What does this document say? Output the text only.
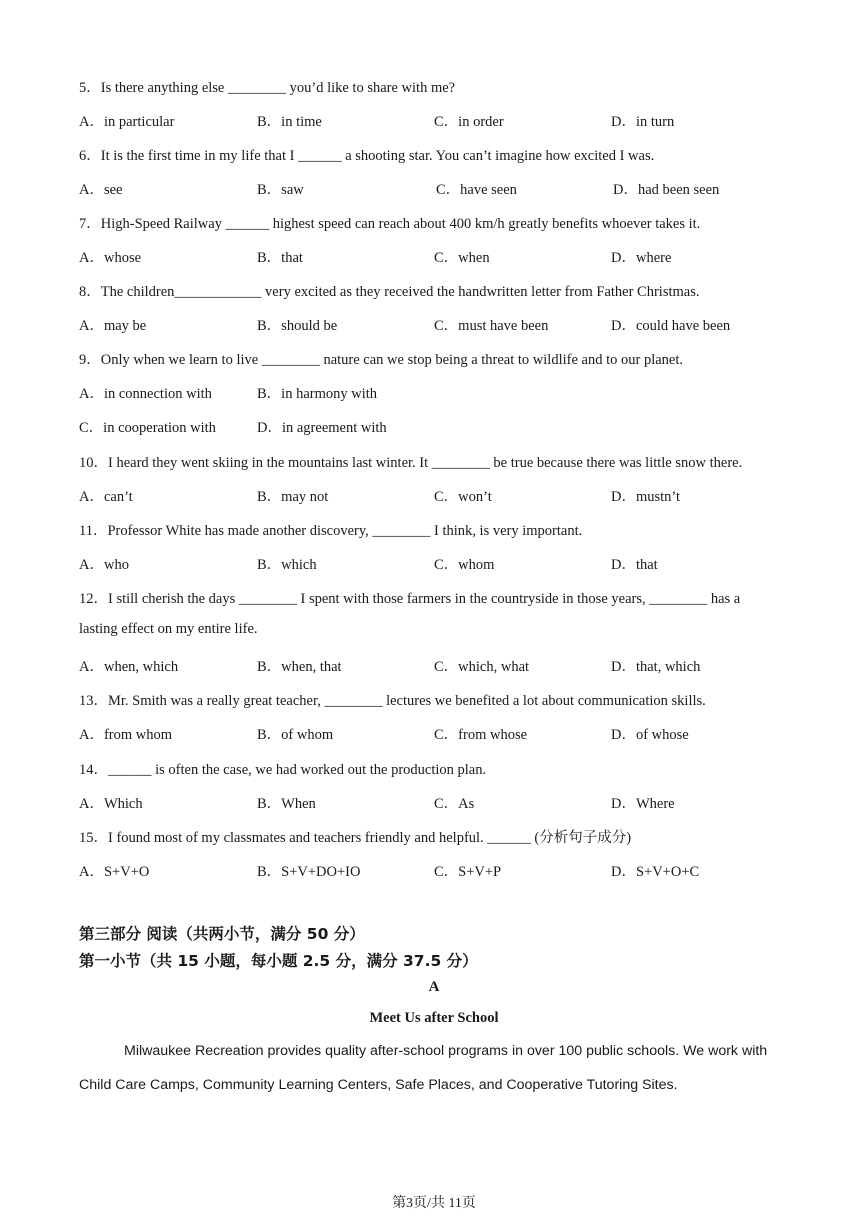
5．Is there anything else ________ you’d like to share with me?
A．in particular	B．in time	C．in order	D．in turn
6．It is the first time in my life that I ______ a shooting star. You can’t imagine how excited I was.
A．see	B．saw	C．have seen	D．had been seen
7．High-Speed Railway ______ highest speed can reach about 400 km/h greatly benefits whoever takes it.
A．whose	B．that	C．when	D．where
8．The children____________ very excited as they received the handwritten letter from Father Christmas.
A．may be	B．should be	C．must have been	D．could have been
9．Only when we learn to live ________ nature can we stop being a threat to wildlife and to our planet.
A．in connection with	B．in harmony with
C．in cooperation with	D．in agreement with
10．I heard they went skiing in the mountains last winter. It ________ be true because there was little snow there.
A．can’t	B．may not	C．won’t	D．mustn’t
11．Professor White has made another discovery, ________ I think, is very important.
A．who	B．which	C．whom	D．that
12．I still cherish the days ________ I spent with those farmers in the countryside in those years, ________ has a
lasting effect on my entire life.
A．when, which	B．when, that	C．which, what	D．that, which
13．Mr. Smith was a really great teacher, ________ lectures we benefited a lot about communication skills.
A．from whom	B．of whom	C．from whose	D．of whose
14．______ is often the case, we had worked out the production plan.
A．Which	B．When	C．As	D．Where
15．I found most of my classmates and teachers friendly and helpful. ______ (分析句子成分)
A．S+V+O	B．S+V+DO+IO	C．S+V+P	D．S+V+O+C
第三部分 阅读（共两小节，满分 50 分）
第一小节（共 15 小题，每小题 2.5 分，满分 37.5 分）
A
Meet Us after School
Milwaukee Recreation provides quality after-school programs in over 100 public schools. We work with
Child Care Camps, Community Learning Centers, Safe Places, and Cooperative Tutoring Sites.
第3页/共 11页
